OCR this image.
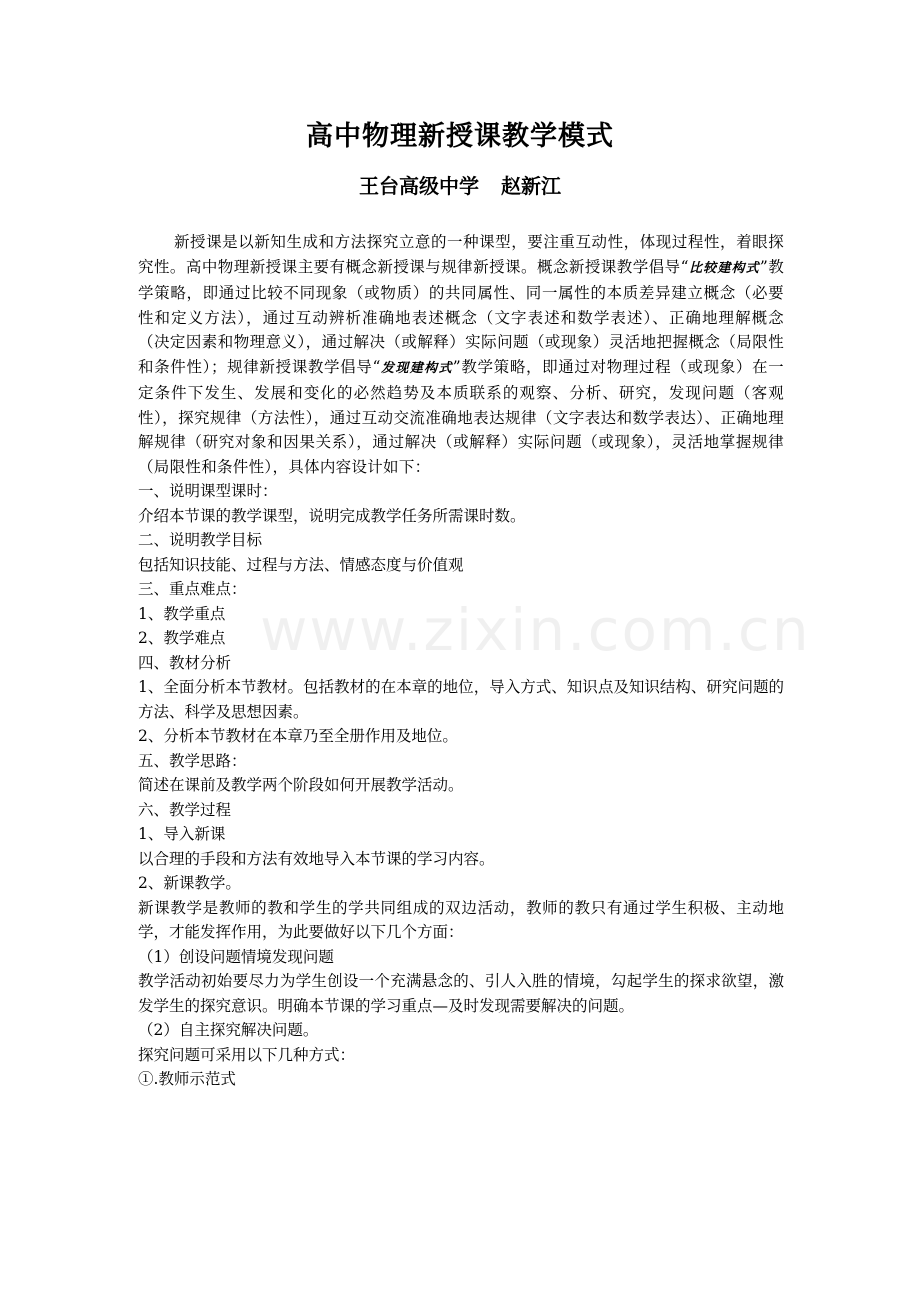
高中物理新授课教学模式
王台高级中学 赵新江

新授课是以新知生成和方法探究立意的一种课型，要注重互动性，体现过程性，着眼探究性。高中物理新授课主要有概念新授课与规律新授课。概念新授课教学倡导“比较建构式”教学策略，即通过比较不同现象（或物质）的共同属性、同一属性的本质差异建立概念（必要性和定义方法），通过互动辨析准确地表述概念（文字表述和数学表述）、正确地理解概念（决定因素和物理意义），通过解决（或解释）实际问题（或现象）灵活地把握概念（局限性和条件性）；规律新授课教学倡导“发现建构式”教学策略，即通过对物理过程（或现象）在一定条件下发生、发展和变化的必然趋势及本质联系的观察、分析、研究，发现问题（客观性），探究规律（方法性），通过互动交流准确地表达规律（文字表达和数学表达）、正确地理解规律（研究对象和因果关系），通过解决（或解释）实际问题（或现象），灵活地掌握规律（局限性和条件性），具体内容设计如下：

一、说明课型课时：

介绍本节课的教学课型，说明完成教学任务所需课时数。

二、说明教学目标

包括知识技能、过程与方法、情感态度与价值观

三、重点难点：

1、教学重点

2、教学难点

四、教材分析

1、全面分析本节教材。包括教材的在本章的地位，导入方式、知识点及知识结构、研究问题的方法、科学及思想因素。

2、分析本节教材在本章乃至全册作用及地位。

五、教学思路：

简述在课前及教学两个阶段如何开展教学活动。

六、教学过程

1、导入新课

以合理的手段和方法有效地导入本节课的学习内容。

2、新课教学。

新课教学是教师的教和学生的学共同组成的双边活动，教师的教只有通过学生积极、主动地学，才能发挥作用，为此要做好以下几个方面：

（1）创设问题情境发现问题

教学活动初始要尽力为学生创设一个充满悬念的、引人入胜的情境，勾起学生的探求欲望，激发学生的探究意识。明确本节课的学习重点—及时发现需要解决的问题。

（2）自主探究解决问题。

探究问题可采用以下几种方式：

①.教师示范式

www.zixin.com.cn
